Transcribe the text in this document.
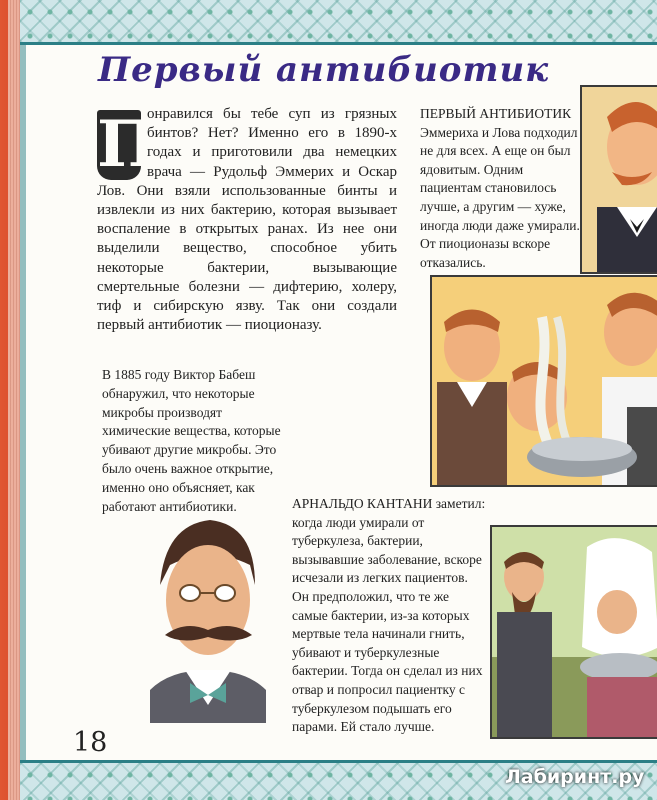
Первый антибиотик

П
онравился бы тебе суп из грязных бинтов? Нет? Именно его в 1890-х годах и приготовили два немецких врача — Рудольф Эммерих и Оскар Лов. Они взяли использованные бинты и извлекли из них бактерию, которая вызывает воспаление в открытых ранах. Из нее они выделили вещество, способное убить некоторые бактерии, вызывающие смертельные болезни — дифтерию, холеру, тиф и сибирскую язву. Так они создали первый антибиотик — пиоционазу.

ПЕРВЫЙ АНТИБИОТИК Эммериха и Лова подходил не для всех. А еще он был ядовитым. Одним пациентам становилось лучше, а другим — хуже, иногда люди даже умирали. От пиоционазы вскоре отказались.

В 1885 году Виктор Бабеш обнаружил, что некоторые микробы производят химические вещества, которые убивают другие микробы. Это было очень важное открытие, именно оно объясняет, как работают антибиотики.	АРНАЛЬДО КАНТАНИ заметил: когда люди умирали от туберкулеза, бактерии, вызывавшие заболевание, вскоре исчезали из легких пациентов. Он предположил, что те же самые бактерии, из-за которых мертвые тела начинали гнить, убивают и туберкулезные бактерии. Тогда он сделал из них отвар и попросил пациентку с туберкулезом подышать его парами. Ей стало лучше.

18

Лабиринт.ру
